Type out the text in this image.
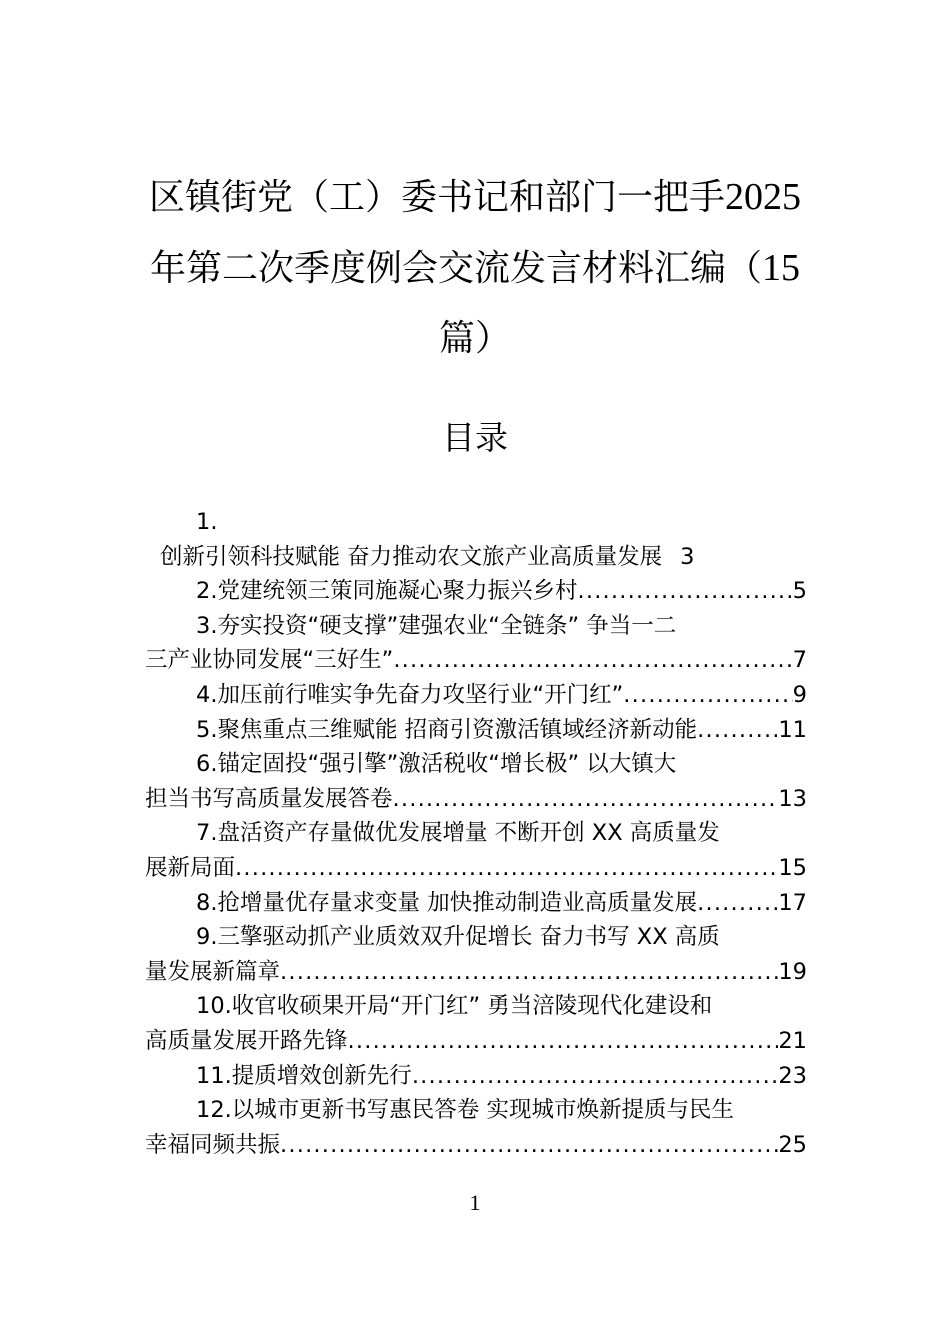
区镇街党（工）委书记和部门一把手2025
年第二次季度例会交流发言材料汇编（15
篇）
目录
1.
创新引领科技赋能 奋力推动农文旅产业高质量发展 3
2.党建统领三策同施凝心聚力振兴乡村 .....	5
3.夯实投资“硬支撑”建强农业“全链条” 争当一二
三产业协同发展“三好生” .....	7
4.加压前行唯实争先奋力攻坚行业“开门红” .....	9
5.聚焦重点三维赋能 招商引资激活镇域经济新动能 .....	11
6.锚定固投“强引擎”激活税收“增长极” 以大镇大
担当书写高质量发展答卷 .....	13
7.盘活资产存量做优发展增量 不断开创 XX 高质量发
展新局面 .....	15
8.抢增量优存量求变量 加快推动制造业高质量发展 .....	17
9.三擎驱动抓产业质效双升促增长 奋力书写 XX 高质
量发展新篇章 .....	19
10.收官收硕果开局“开门红” 勇当涪陵现代化建设和
高质量发展开路先锋 .....	21
11.提质增效创新先行 .....	23
12.以城市更新书写惠民答卷 实现城市焕新提质与民生
幸福同频共振 .....	25
1
